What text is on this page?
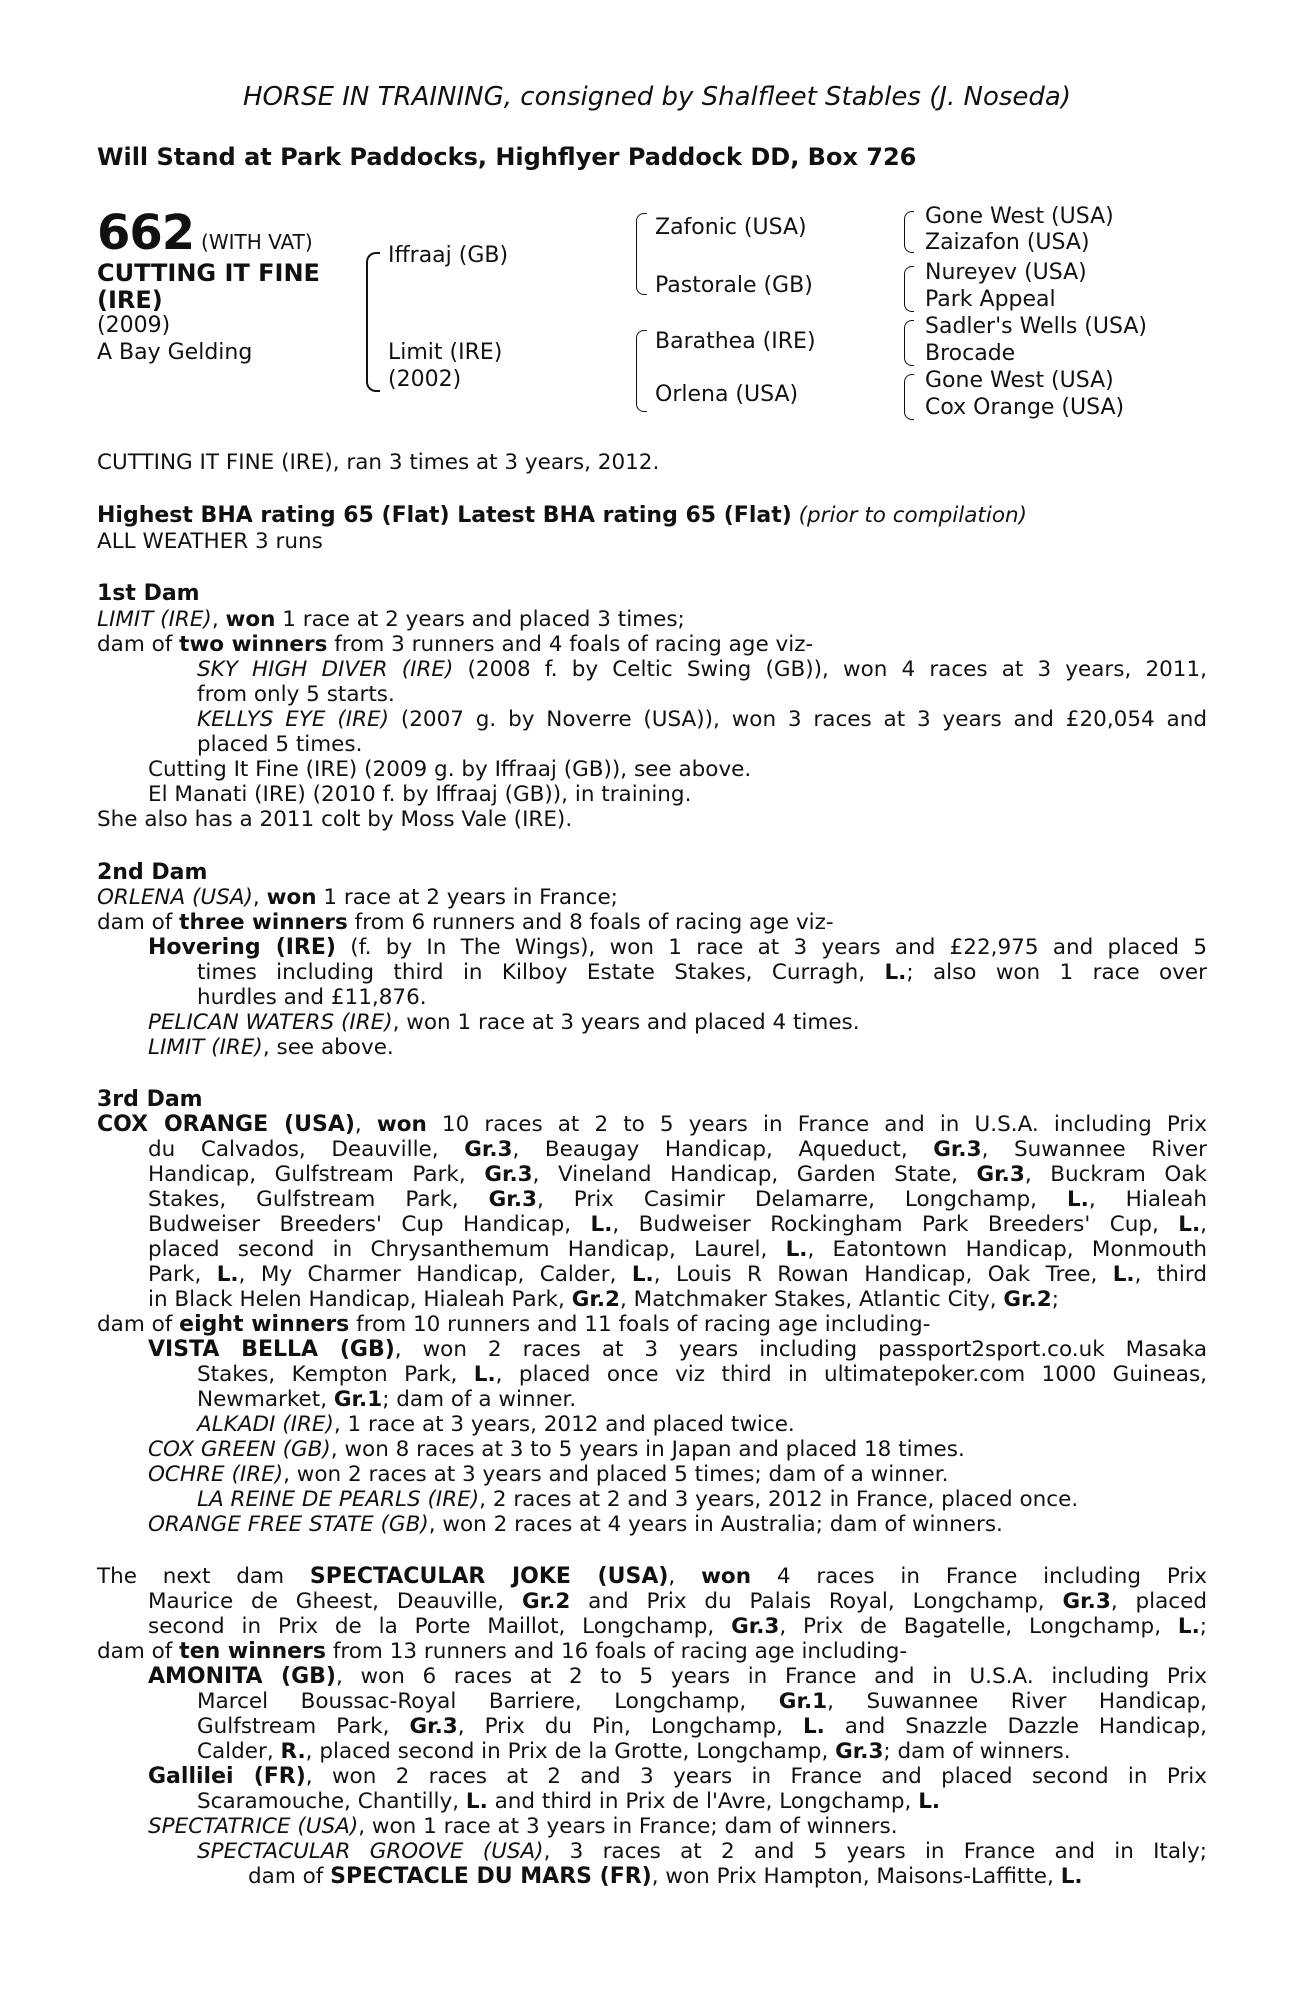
HORSE IN TRAINING, consigned by Shalfleet Stables (J. Noseda)
Will Stand at Park Paddocks, Highflyer Paddock DD, Box 726
662 (WITH VAT)
CUTTING IT FINE
(IRE)
(2009)
A Bay Gelding
Iffraaj (GB)
Limit (IRE)
(2002)
Zafonic (USA)
Pastorale (GB)
Barathea (IRE)
Orlena (USA)
Gone West (USA)
Zaizafon (USA)
Nureyev (USA)
Park Appeal
Sadler's Wells (USA)
Brocade
Gone West (USA)
Cox Orange (USA)
CUTTING IT FINE (IRE), ran 3 times at 3 years, 2012.
Highest BHA rating 65 (Flat) Latest BHA rating 65 (Flat) (prior to compilation)
ALL WEATHER 3 runs
1st Dam
LIMIT (IRE), won 1 race at 2 years and placed 3 times;
dam of two winners from 3 runners and 4 foals of racing age viz-
SKY HIGH DIVER (IRE) (2008 f. by Celtic Swing (GB)), won 4 races at 3 years, 2011,
from only 5 starts.
KELLYS EYE (IRE) (2007 g. by Noverre (USA)), won 3 races at 3 years and £20,054 and
placed 5 times.
Cutting It Fine (IRE) (2009 g. by Iffraaj (GB)), see above.
El Manati (IRE) (2010 f. by Iffraaj (GB)), in training.
She also has a 2011 colt by Moss Vale (IRE).
2nd Dam
ORLENA (USA), won 1 race at 2 years in France;
dam of three winners from 6 runners and 8 foals of racing age viz-
Hovering (IRE) (f. by In The Wings), won 1 race at 3 years and £22,975 and placed 5
times including third in Kilboy Estate Stakes, Curragh, L.; also won 1 race over
hurdles and £11,876.
PELICAN WATERS (IRE), won 1 race at 3 years and placed 4 times.
LIMIT (IRE), see above.
3rd Dam
COX ORANGE (USA), won 10 races at 2 to 5 years in France and in U.S.A. including Prix
du Calvados, Deauville, Gr.3, Beaugay Handicap, Aqueduct, Gr.3, Suwannee River
Handicap, Gulfstream Park, Gr.3, Vineland Handicap, Garden State, Gr.3, Buckram Oak
Stakes, Gulfstream Park, Gr.3, Prix Casimir Delamarre, Longchamp, L., Hialeah
Budweiser Breeders' Cup Handicap, L., Budweiser Rockingham Park Breeders' Cup, L.,
placed second in Chrysanthemum Handicap, Laurel, L., Eatontown Handicap, Monmouth
Park, L., My Charmer Handicap, Calder, L., Louis R Rowan Handicap, Oak Tree, L., third
in Black Helen Handicap, Hialeah Park, Gr.2, Matchmaker Stakes, Atlantic City, Gr.2;
dam of eight winners from 10 runners and 11 foals of racing age including-
VISTA BELLA (GB), won 2 races at 3 years including passport2sport.co.uk Masaka
Stakes, Kempton Park, L., placed once viz third in ultimatepoker.com 1000 Guineas,
Newmarket, Gr.1; dam of a winner.
ALKADI (IRE), 1 race at 3 years, 2012 and placed twice.
COX GREEN (GB), won 8 races at 3 to 5 years in Japan and placed 18 times.
OCHRE (IRE), won 2 races at 3 years and placed 5 times; dam of a winner.
LA REINE DE PEARLS (IRE), 2 races at 2 and 3 years, 2012 in France, placed once.
ORANGE FREE STATE (GB), won 2 races at 4 years in Australia; dam of winners.
The next dam SPECTACULAR JOKE (USA), won 4 races in France including Prix
Maurice de Gheest, Deauville, Gr.2 and Prix du Palais Royal, Longchamp, Gr.3, placed
second in Prix de la Porte Maillot, Longchamp, Gr.3, Prix de Bagatelle, Longchamp, L.;
dam of ten winners from 13 runners and 16 foals of racing age including-
AMONITA (GB), won 6 races at 2 to 5 years in France and in U.S.A. including Prix
Marcel Boussac-Royal Barriere, Longchamp, Gr.1, Suwannee River Handicap,
Gulfstream Park, Gr.3, Prix du Pin, Longchamp, L. and Snazzle Dazzle Handicap,
Calder, R., placed second in Prix de la Grotte, Longchamp, Gr.3; dam of winners.
Gallilei (FR), won 2 races at 2 and 3 years in France and placed second in Prix
Scaramouche, Chantilly, L. and third in Prix de l'Avre, Longchamp, L.
SPECTATRICE (USA), won 1 race at 3 years in France; dam of winners.
SPECTACULAR GROOVE (USA), 3 races at 2 and 5 years in France and in Italy;
dam of SPECTACLE DU MARS (FR), won Prix Hampton, Maisons-Laffitte, L.
